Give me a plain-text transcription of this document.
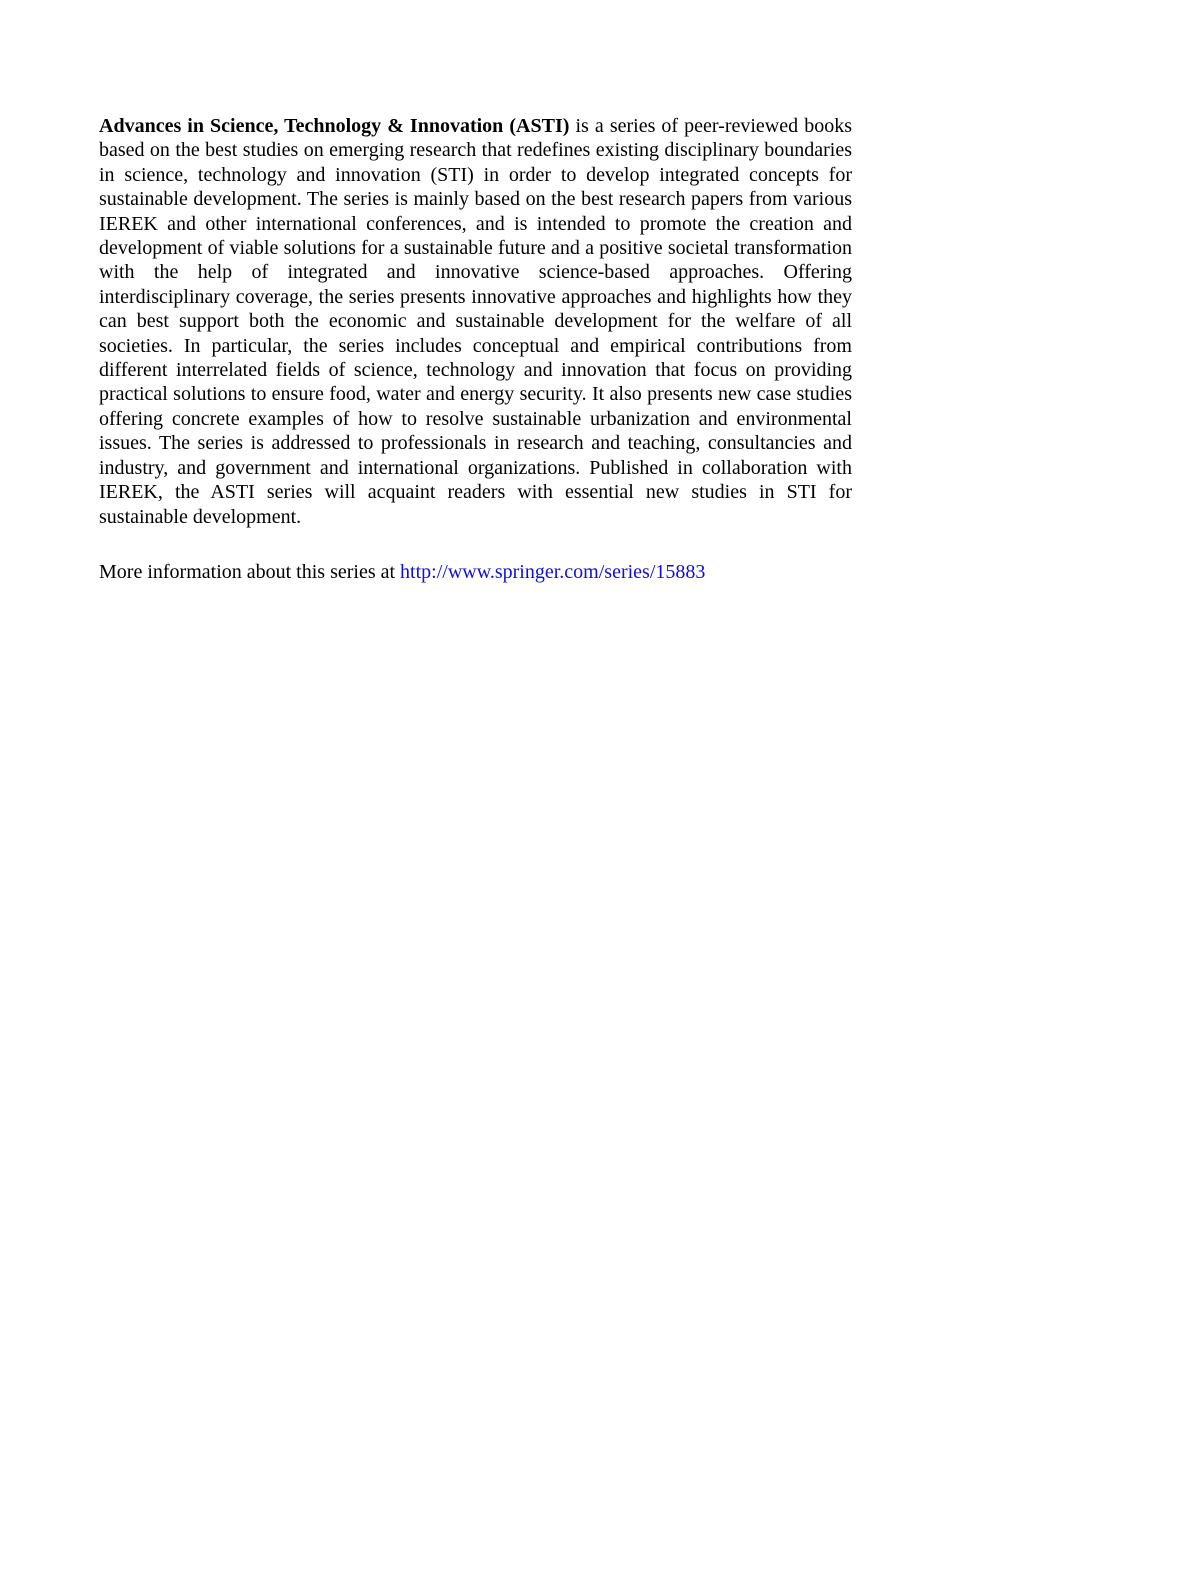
Advances in Science, Technology & Innovation (ASTI) is a series of peer-reviewed books based on the best studies on emerging research that redefines existing disciplinary boundaries in science, technology and innovation (STI) in order to develop integrated concepts for sustainable development. The series is mainly based on the best research papers from various IEREK and other international conferences, and is intended to promote the creation and development of viable solutions for a sustainable future and a positive societal transformation with the help of integrated and innovative science-based approaches. Offering interdisciplinary coverage, the series presents innovative approaches and highlights how they can best support both the economic and sustainable development for the welfare of all societies. In particular, the series includes conceptual and empirical contributions from different interrelated fields of science, technology and innovation that focus on providing practical solutions to ensure food, water and energy security. It also presents new case studies offering concrete examples of how to resolve sustainable urbanization and environmental issues. The series is addressed to professionals in research and teaching, consultancies and industry, and government and international organizations. Published in collaboration with IEREK, the ASTI series will acquaint readers with essential new studies in STI for sustainable development.

More information about this series at http://www.springer.com/series/15883
